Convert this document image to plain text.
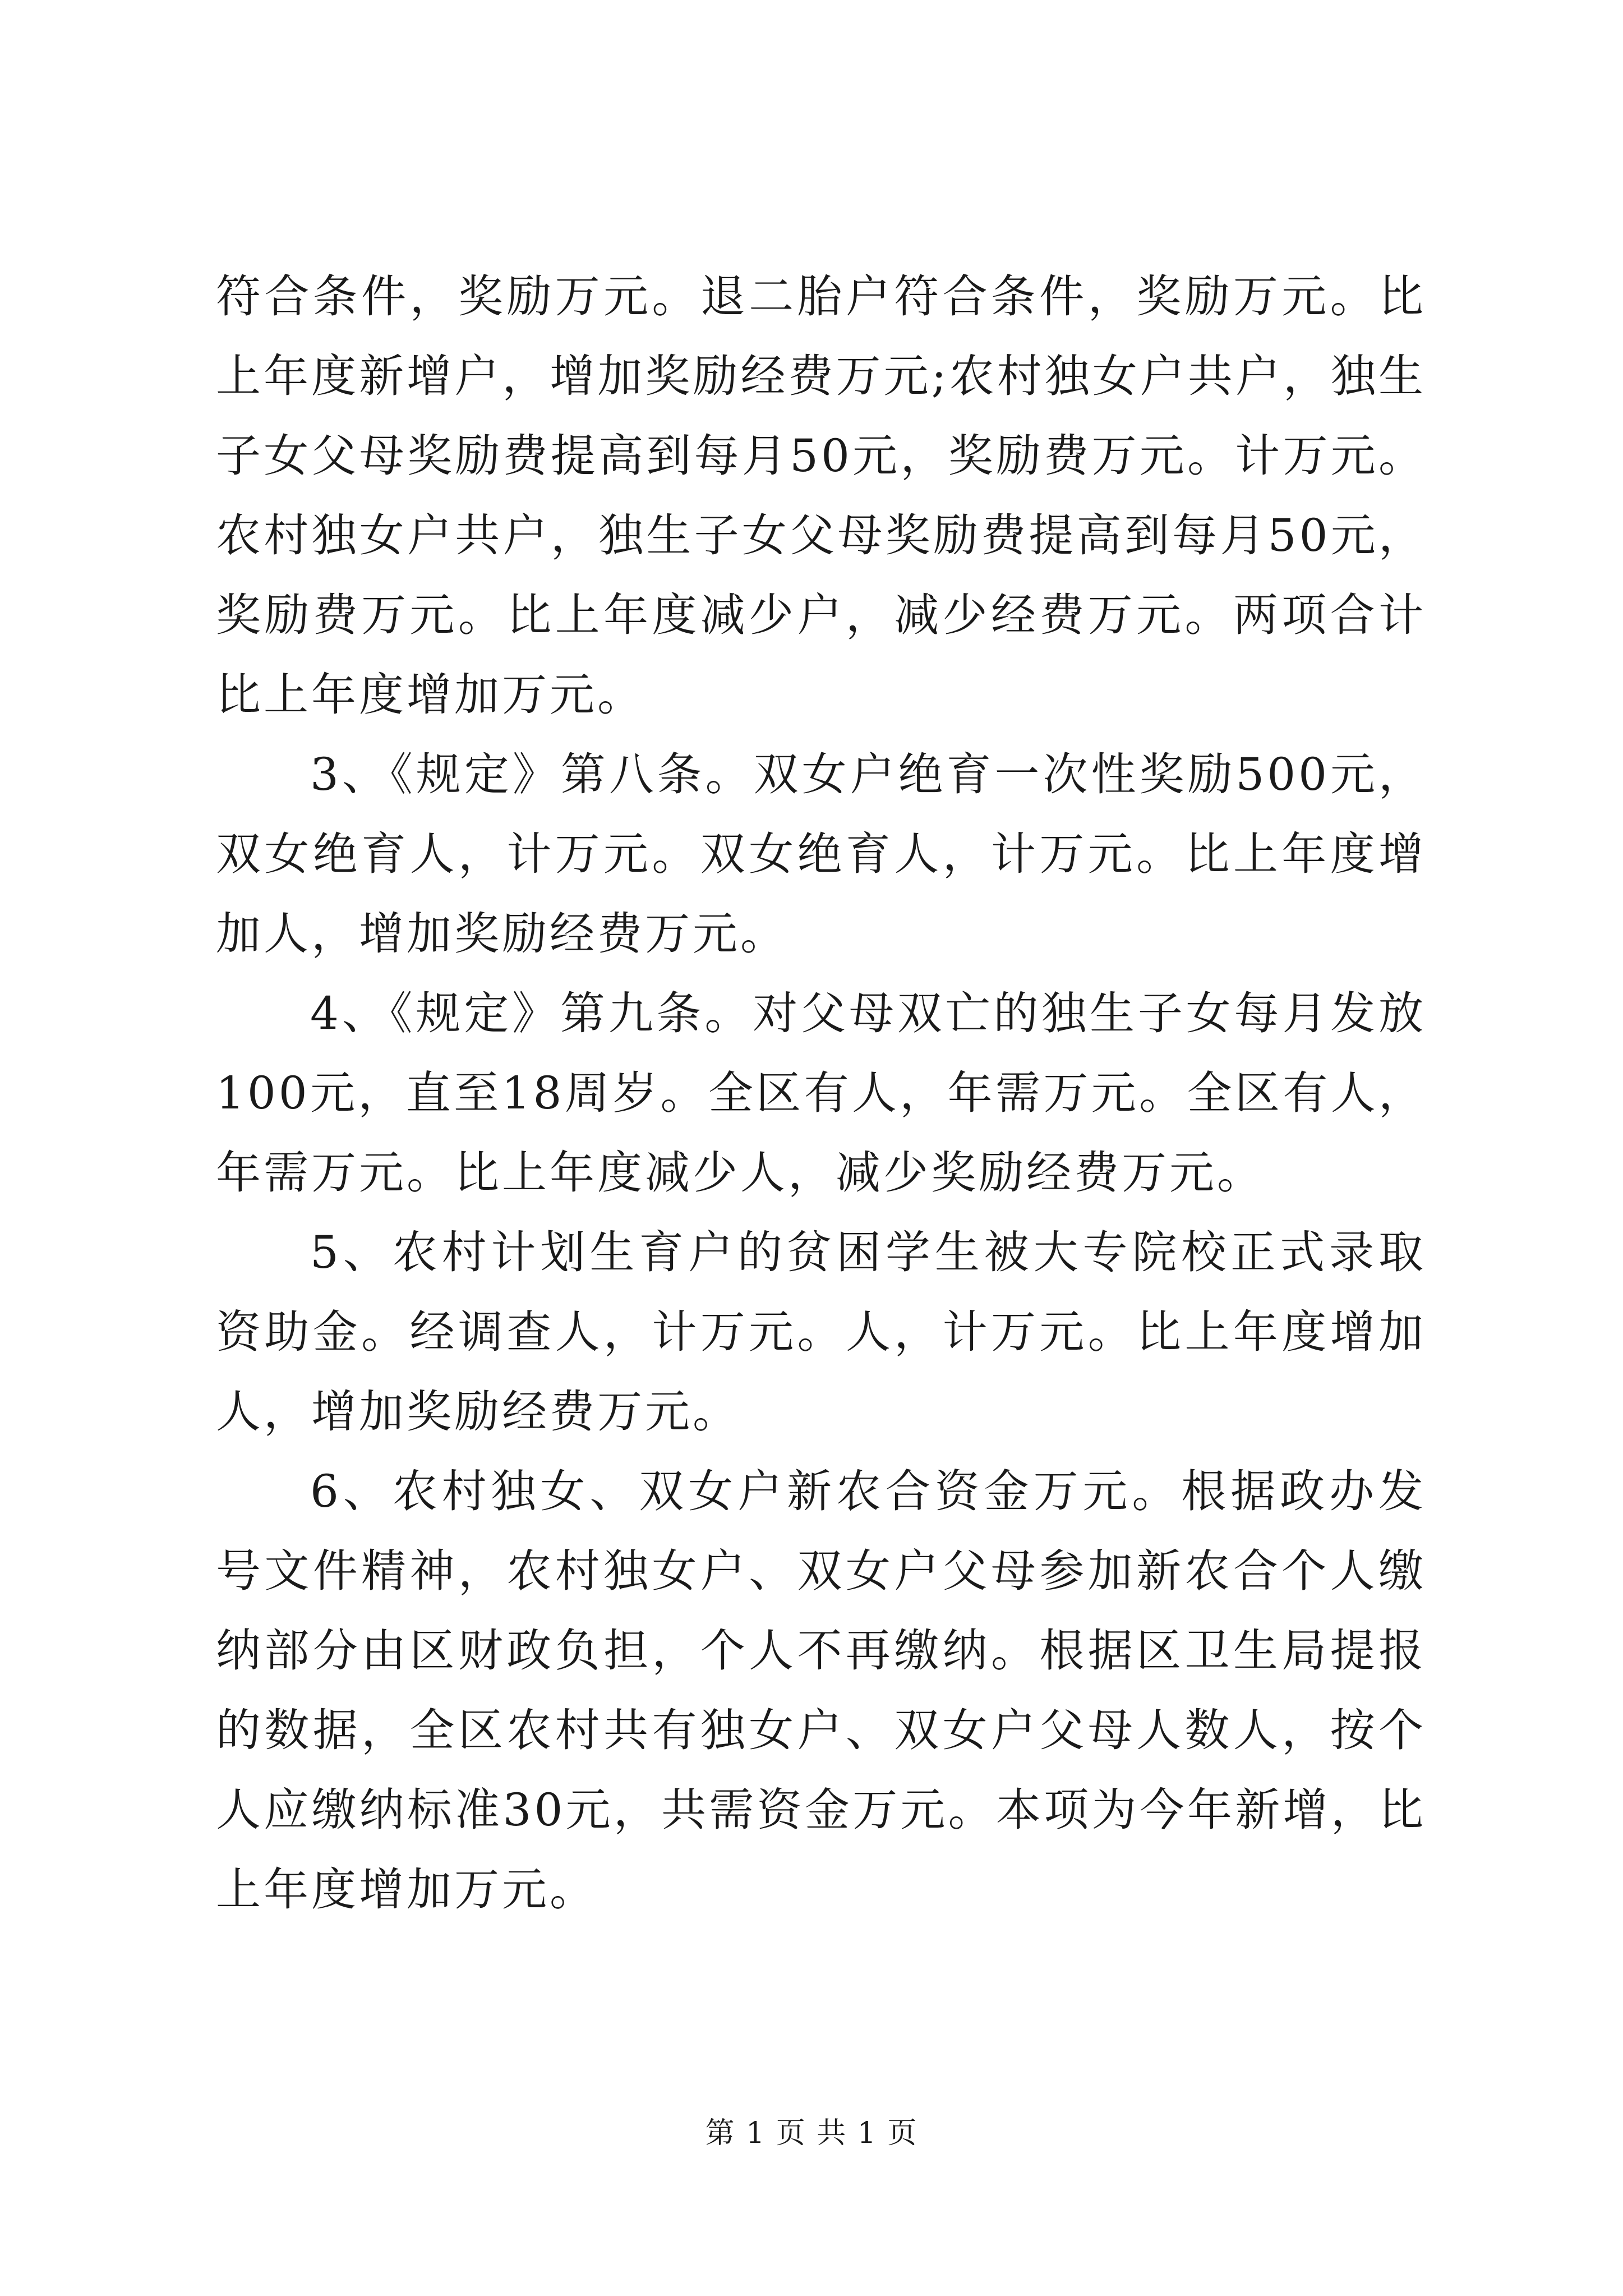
符合条件，奖励万元。退二胎户符合条件，奖励万元。比上年度新增户，增加奖励经费万元;农村独女户共户，独生子女父母奖励费提高到每月50元，奖励费万元。计万元。农村独女户共户，独生子女父母奖励费提高到每月50元，奖励费万元。比上年度减少户，减少经费万元。两项合计比上年度增加万元。

3、《规定》第八条。双女户绝育一次性奖励500元，双女绝育人，计万元。双女绝育人，计万元。比上年度增加人，增加奖励经费万元。

4、《规定》第九条。对父母双亡的独生子女每月发放100元，直至18周岁。全区有人，年需万元。全区有人，年需万元。比上年度减少人，减少奖励经费万元。

5、农村计划生育户的贫困学生被大专院校正式录取资助金。经调查人，计万元。人，计万元。比上年度增加人，增加奖励经费万元。

6、农村独女、双女户新农合资金万元。根据政办发号文件精神，农村独女户、双女户父母参加新农合个人缴纳部分由区财政负担，个人不再缴纳。根据区卫生局提报的数据，全区农村共有独女户、双女户父母人数人，按个人应缴纳标准30元，共需资金万元。本项为今年新增，比上年度增加万元。

第 1 页 共 1 页
